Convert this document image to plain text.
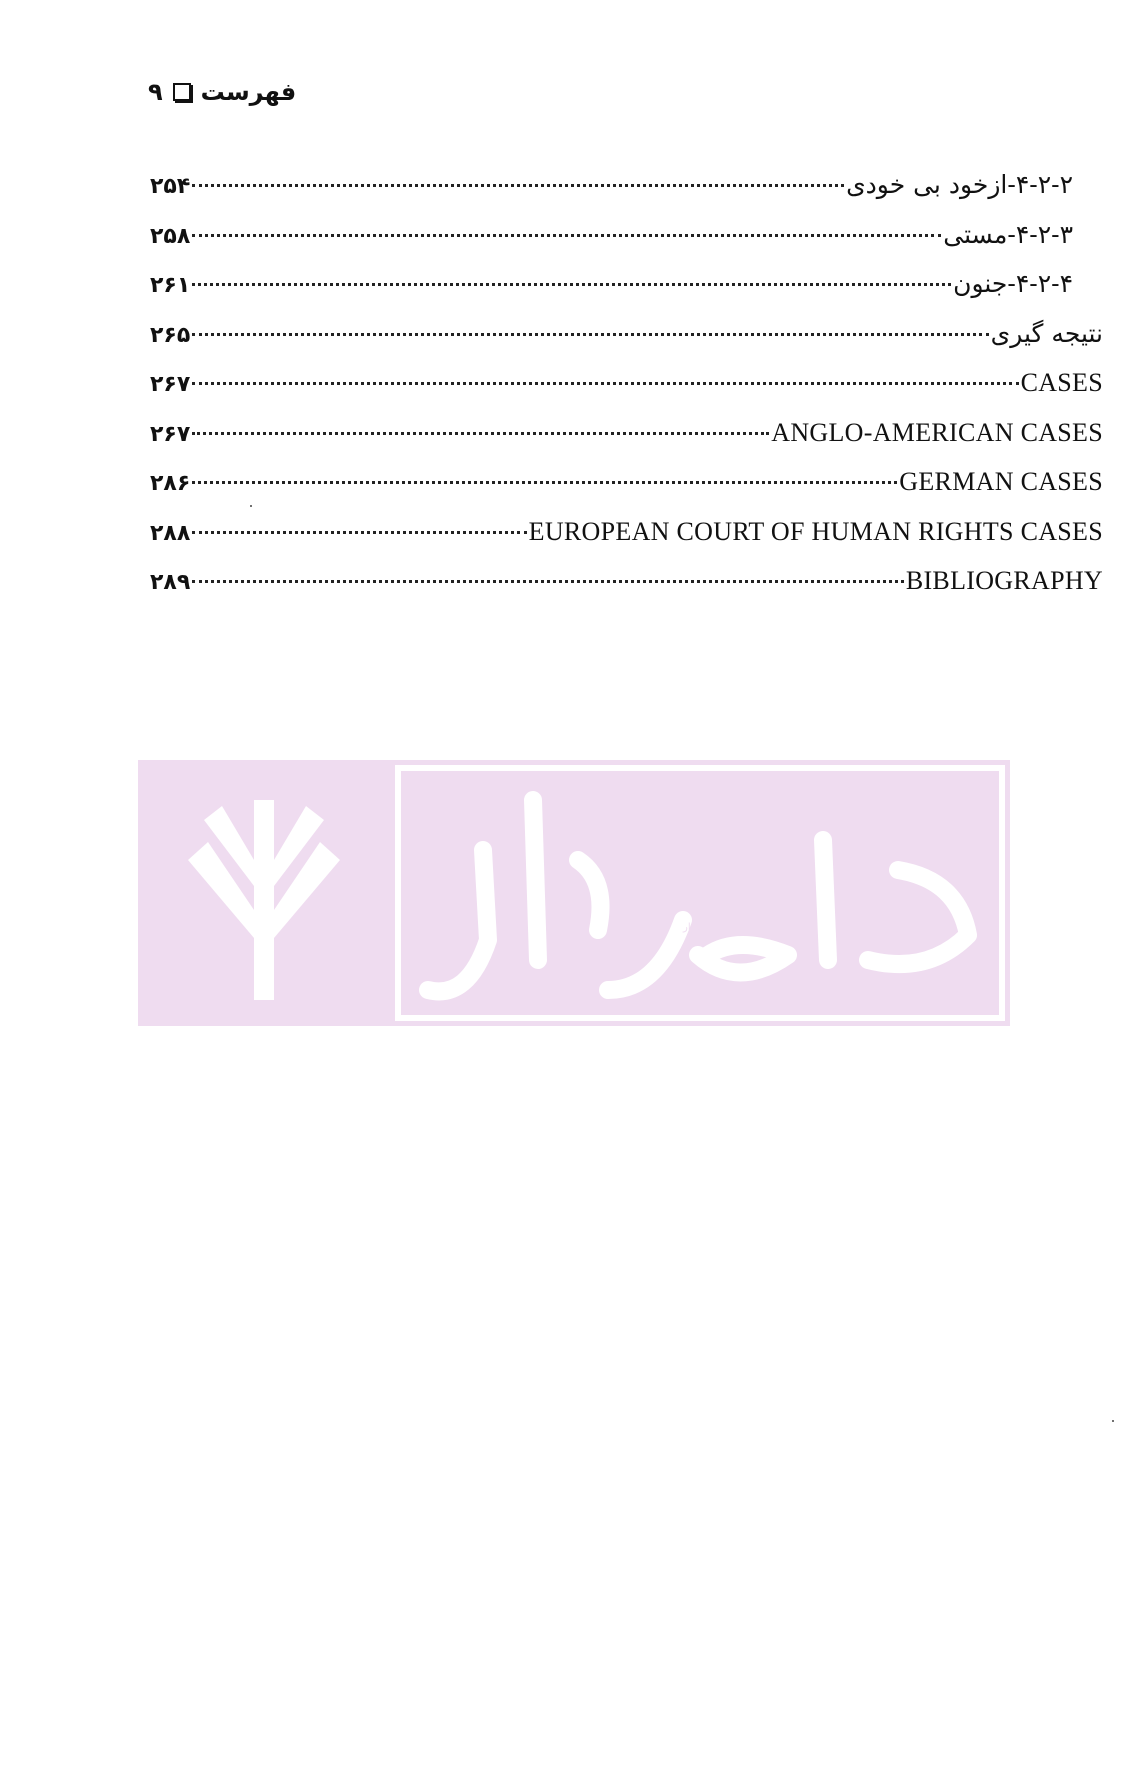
فهرست
۹
۴-۲-۲-ازخود بی خودی
۲۵۴
۴-۲-۳-مستی
۲۵۸
۴-۲-۴-جنون
۲۶۱
نتیجه گیری
۲۶۵
CASES
۲۶۷
ANGLO-AMERICAN CASES
۲۶۷
GERMAN CASES
۲۸۶
EUROPEAN COURT OF HUMAN RIGHTS CASES
۲۸۸
BIBLIOGRAPHY
۲۸۹
دادبازار
